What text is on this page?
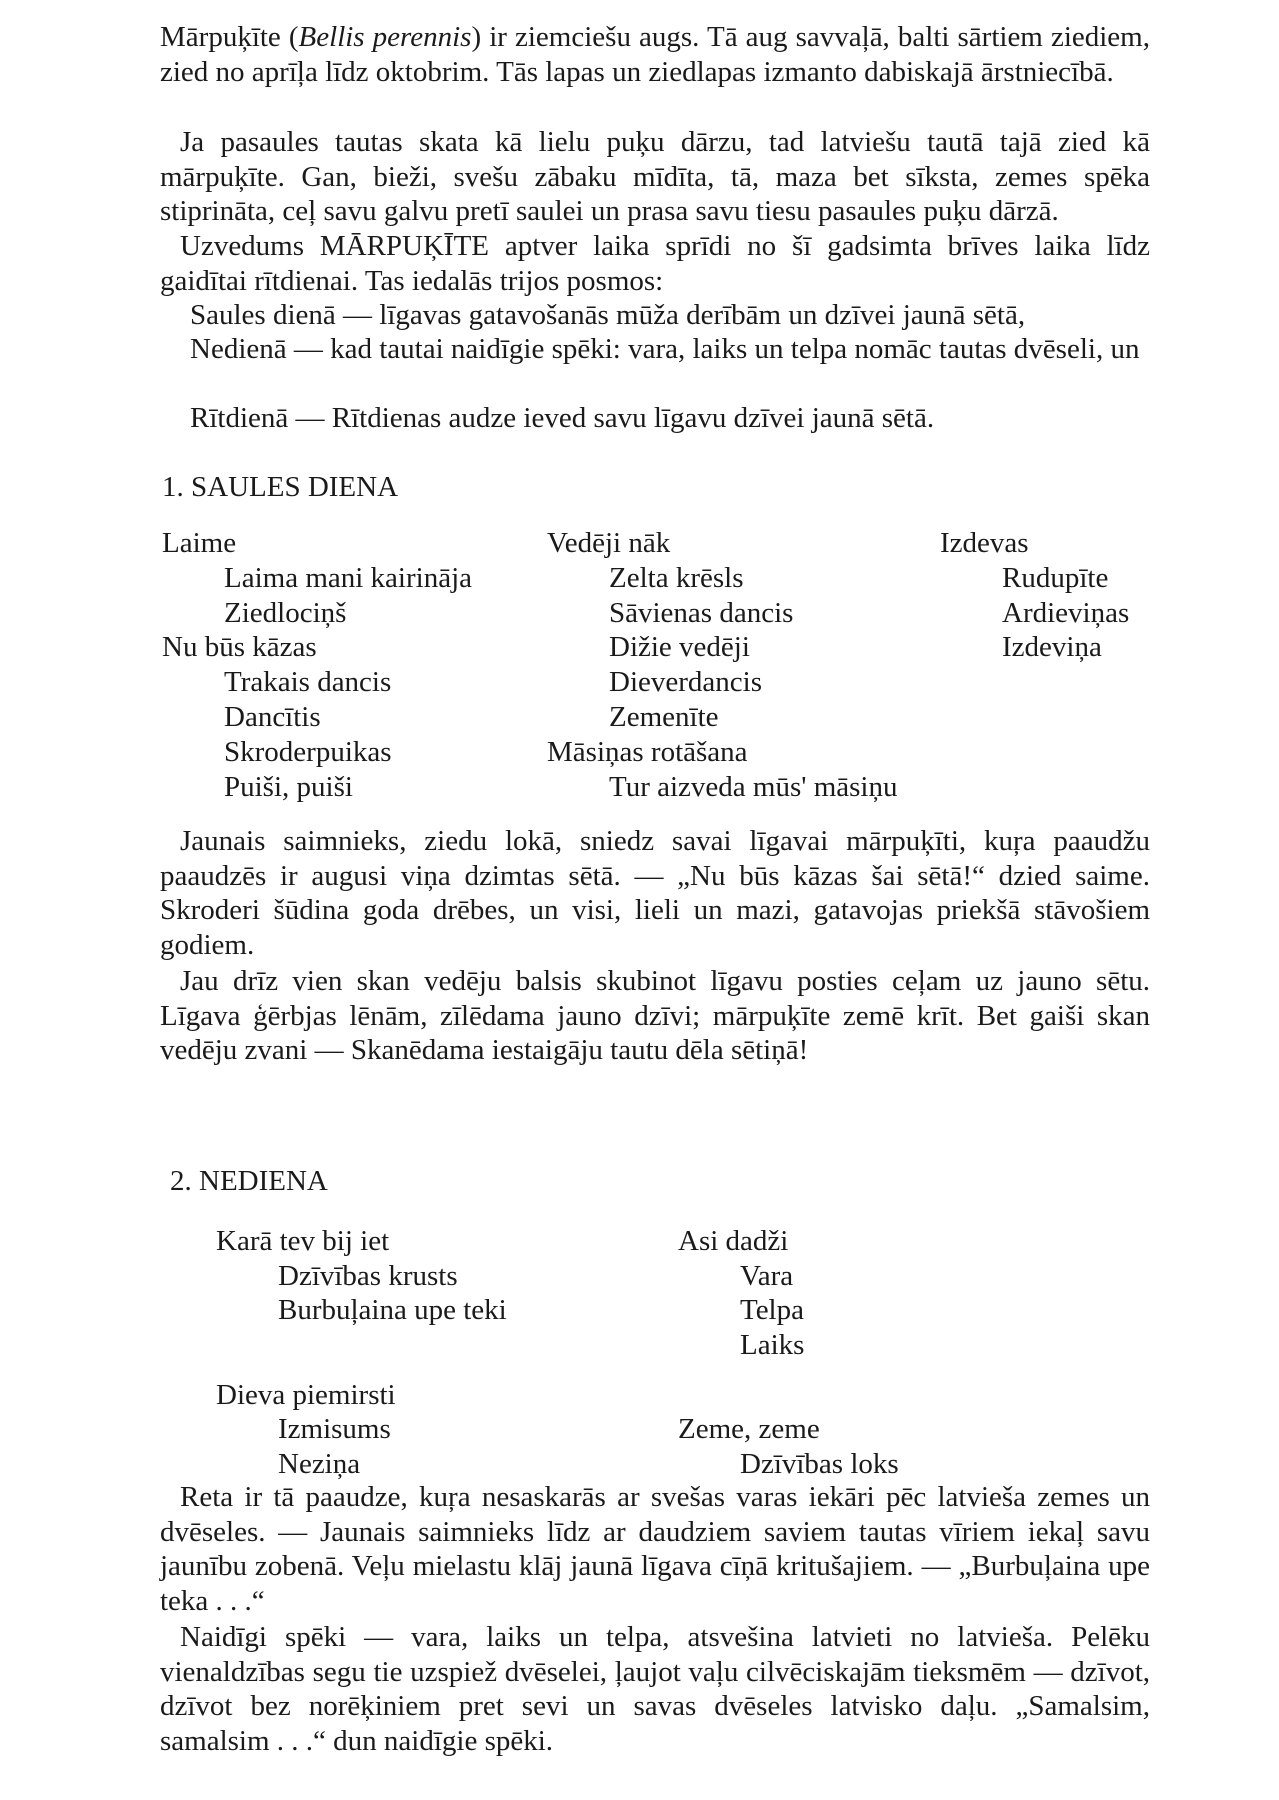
Mārpuķīte (Bellis perennis) ir ziemciešu augs. Tā aug savvaļā, balti sārtiem ziediem, zied no aprīļa līdz oktobrim. Tās lapas un ziedlapas izmanto dabiskajā ārstniecībā.

Ja pasaules tautas skata kā lielu puķu dārzu, tad latviešu tautā tajā zied kā mārpuķīte. Gan, bieži, svešu zābaku mīdīta, tā, maza bet sīksta, zemes spēka stiprināta, ceļ savu galvu pretī saulei un prasa savu tiesu pasaules puķu dārzā.

Uzvedums MĀRPUĶĪTE aptver laika sprīdi no šī gadsimta brīves laika līdz gaidītai rītdienai. Tas iedalās trijos posmos:

Saules dienā — līgavas gatavošanās mūža derībām un dzīvei jaunā sētā,

Nedienā — kad tautai naidīgie spēki: vara, laiks un telpa nomāc tautas dvēseli, un

Rītdienā — Rītdienas audze ieved savu līgavu dzīvei jaunā sētā.

1. SAULES DIENA
Laime
Laima mani kairināja
Ziedlociņš
Nu būs kāzas
Trakais dancis
Dancītis
Skroderpuikas
Puiši, puiši
Vedēji nāk
Zelta krēsls
Sāvienas dancis
Dižie vedēji
Dieverdancis
Zemenīte
Māsiņas rotāšana
Tur aizveda mūs' māsiņu
Izdevas
Rudupīte
Ardieviņas
Izdeviņa

Jaunais saimnieks, ziedu lokā, sniedz savai līgavai mārpuķīti, kuŗa paaudžu paaudzēs ir augusi viņa dzimtas sētā. — „Nu būs kāzas šai sētā!“ dzied saime. Skroderi šūdina goda drēbes, un visi, lieli un mazi, gatavojas priekšā stāvošiem godiem.

Jau drīz vien skan vedēju balsis skubinot līgavu posties ceļam uz jauno sētu. Līgava ģērbjas lēnām, zīlēdama jauno dzīvi; mārpuķīte zemē krīt. Bet gaiši skan vedēju zvani — Skanēdama iestaigāju tautu dēla sētiņā!

2. NEDIENA
Karā tev bij iet
Dzīvības krusts
Burbuļaina upe teki
Dieva piemirsti
Izmisums
Neziņa
Asi dadži
Vara
Telpa
Laiks
Zeme, zeme
Dzīvības loks

Reta ir tā paaudze, kuŗa nesaskarās ar svešas varas iekāri pēc latvieša zemes un dvēseles. — Jaunais saimnieks līdz ar daudziem saviem tautas vīriem iekaļ savu jaunību zobenā. Veļu mielastu klāj jaunā līgava cīņā kritušajiem. — „Burbuļaina upe teka . . .“

Naidīgi spēki — vara, laiks un telpa, atsvešina latvieti no latvieša. Pelēku vienaldzības segu tie uzspiež dvēselei, ļaujot vaļu cilvēciskajām tieksmēm — dzīvot, dzīvot bez norēķiniem pret sevi un savas dvēseles latvisko daļu. „Samalsim, samalsim . . .“ dun naidīgie spēki.
